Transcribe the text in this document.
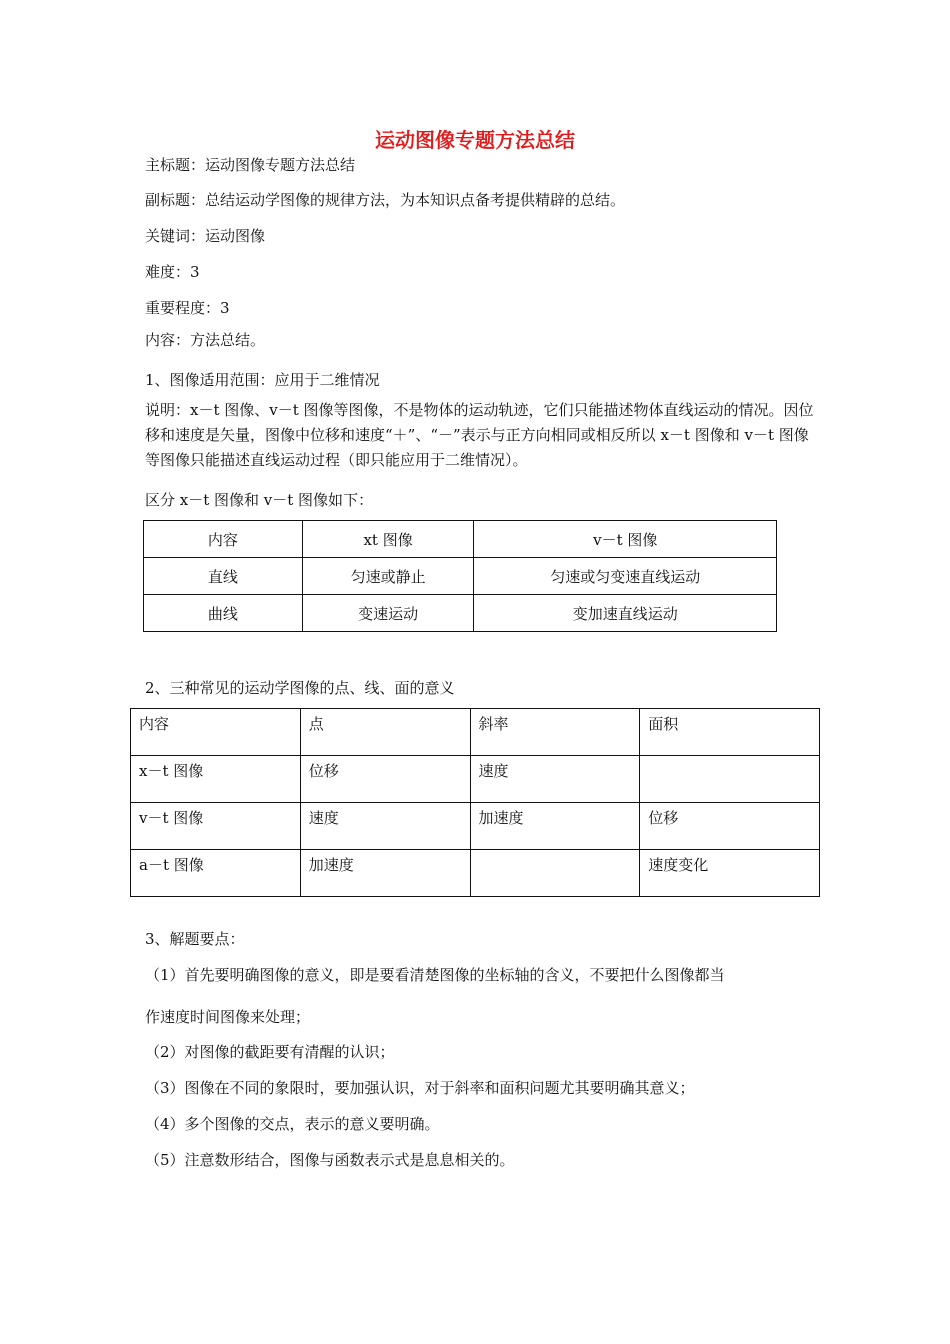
运动图像专题方法总结
主标题：运动图像专题方法总结
副标题：总结运动学图像的规律方法，为本知识点备考提供精辟的总结。
关键词：运动图像
难度：3
重要程度：3
内容：方法总结。
1、图像适用范围：应用于二维情况
说明：x－t 图像、v－t 图像等图像，不是物体的运动轨迹，它们只能描述物体直线运动的情况。因位移和速度是矢量，图像中位移和速度“＋”、“－”表示与正方向相同或相反所以 x－t 图像和 v－t 图像等图像只能描述直线运动过程（即只能应用于二维情况）。
区分 x－t 图像和 v－t 图像如下：
内容	xt 图像	v－t 图像
直线	匀速或静止	匀速或匀变速直线运动
曲线	变速运动	变加速直线运动
2、三种常见的运动学图像的点、线、面的意义
内容	点	斜率	面积
x－t 图像	位移	速度	
v－t 图像	速度	加速度	位移
a－t 图像	加速度		速度变化
3、解题要点：
（1）首先要明确图像的意义，即是要看清楚图像的坐标轴的含义，不要把什么图像都当
作速度时间图像来处理；
（2）对图像的截距要有清醒的认识；
（3）图像在不同的象限时，要加强认识，对于斜率和面积问题尤其要明确其意义；
（4）多个图像的交点，表示的意义要明确。
（5）注意数形结合，图像与函数表示式是息息相关的。
